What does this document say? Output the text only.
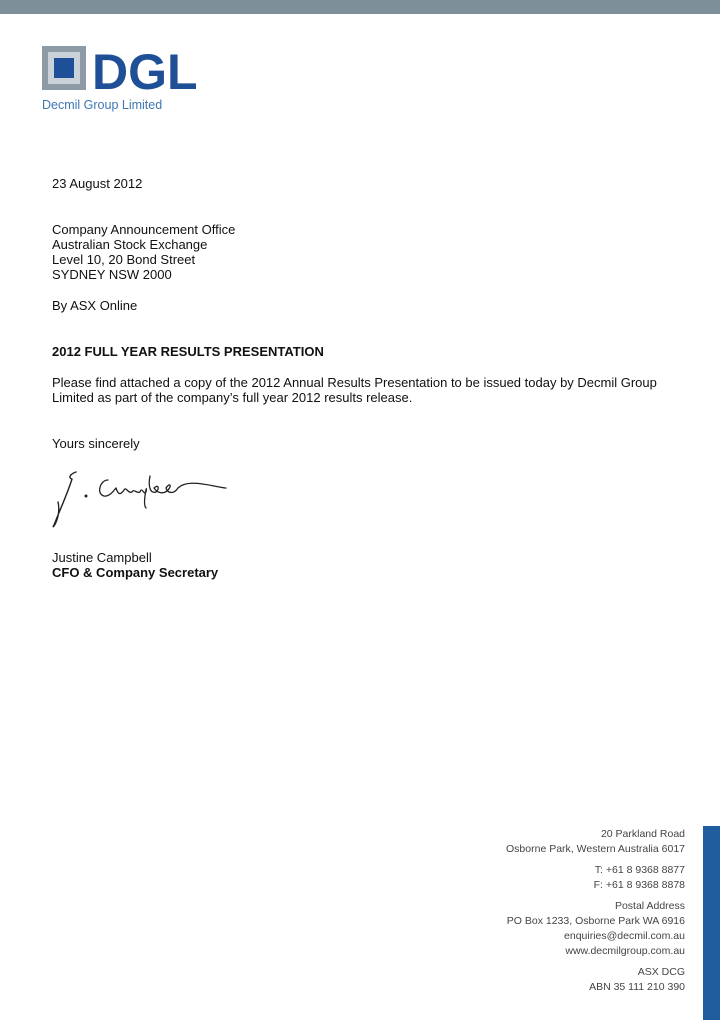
DGL
Decmil Group Limited
23 August 2012
Company Announcement Office
Australian Stock Exchange
Level 10, 20 Bond Street
SYDNEY NSW 2000
By ASX Online
2012 FULL YEAR RESULTS PRESENTATION
Please find attached a copy of the 2012 Annual Results Presentation to be issued today by Decmil Group
Limited as part of the company’s full year 2012 results release.
Yours sincerely
Justine Campbell
CFO & Company Secretary
20 Parkland Road
Osborne Park, Western Australia 6017
T: +61 8 9368 8877
F: +61 8 9368 8878
Postal Address
PO Box 1233, Osborne Park WA 6916
enquiries@decmil.com.au
www.decmilgroup.com.au
ASX DCG
ABN 35 111 210 390
